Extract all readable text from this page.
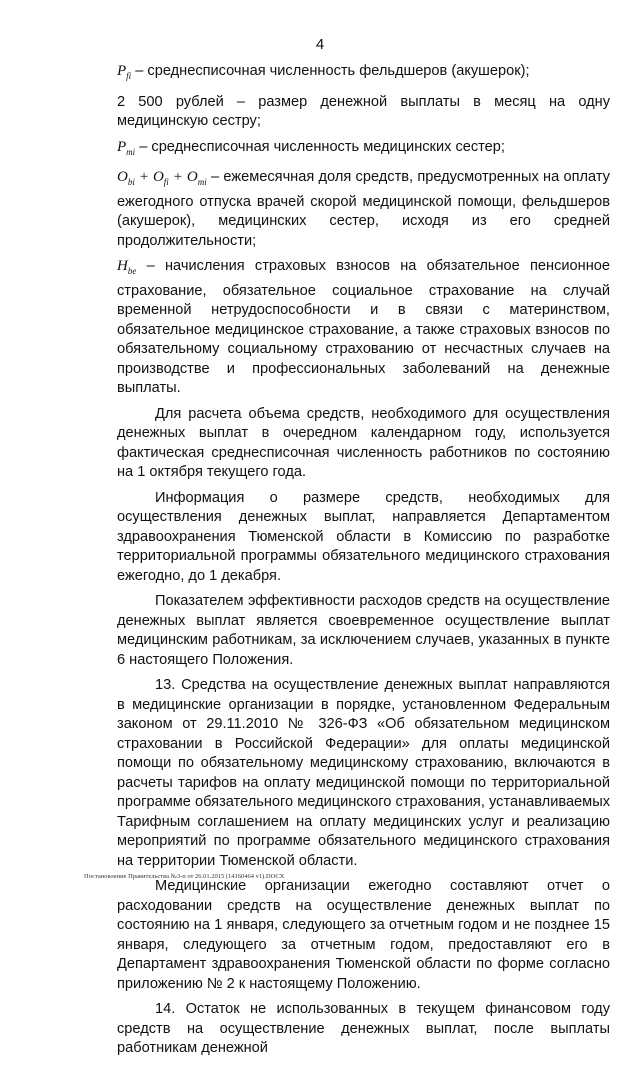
4

$P_{fi}$ – среднесписочная численность фельдшеров (акушерок);

2 500 рублей – размер денежной выплаты в месяц на одну медицинскую сестру;

$P_{mi}$ – среднесписочная численность медицинских сестер;

$O_{bi} + O_{fi} + O_{mi}$ – ежемесячная доля средств, предусмотренных на оплату ежегодного отпуска врачей скорой медицинской помощи, фельдшеров (акушерок), медицинских сестер, исходя из его средней продолжительности;

$H_{be}$ – начисления страховых взносов на обязательное пенсионное страхование, обязательное социальное страхование на случай временной нетрудоспособности и в связи с материнством, обязательное медицинское страхование, а также страховых взносов по обязательному социальному страхованию от несчастных случаев на производстве и профессиональных заболеваний на денежные выплаты.

Для расчета объема средств, необходимого для осуществления денежных выплат в очередном календарном году, используется фактическая среднесписочная численность работников по состоянию на 1 октября текущего года.

Информация о размере средств, необходимых для осуществления денежных выплат, направляется Департаментом здравоохранения Тюменской области в Комиссию по разработке территориальной программы обязательного медицинского страхования ежегодно, до 1 декабря.

Показателем эффективности расходов средств на осуществление денежных выплат является своевременное осуществление выплат медицинским работникам, за исключением случаев, указанных в пункте 6 настоящего Положения.

13. Средства на осуществление денежных выплат направляются в медицинские организации в порядке, установленном Федеральным законом от 29.11.2010 № 326-ФЗ «Об обязательном медицинском страховании в Российской Федерации» для оплаты медицинской помощи по обязательному медицинскому страхованию, включаются в расчеты тарифов на оплату медицинской помощи по территориальной программе обязательного медицинского страхования, устанавливаемых Тарифным соглашением на оплату медицинских услуг и реализацию мероприятий по программе обязательного медицинского страхования на территории Тюменской области.

Медицинские организации ежегодно составляют отчет о расходовании средств на осуществление денежных выплат по состоянию на 1 января, следующего за отчетным годом и не позднее 15 января, следующего за отчетным годом, предоставляют его в Департамент здравоохранения Тюменской области по форме согласно приложению № 2 к настоящему Положению.

14. Остаток не использованных в текущем финансовом году средств на осуществление денежных выплат, после выплаты работникам денежной

Постановление Правительства №3-п от 26.01.2015 (14160464 v1).DOCX
